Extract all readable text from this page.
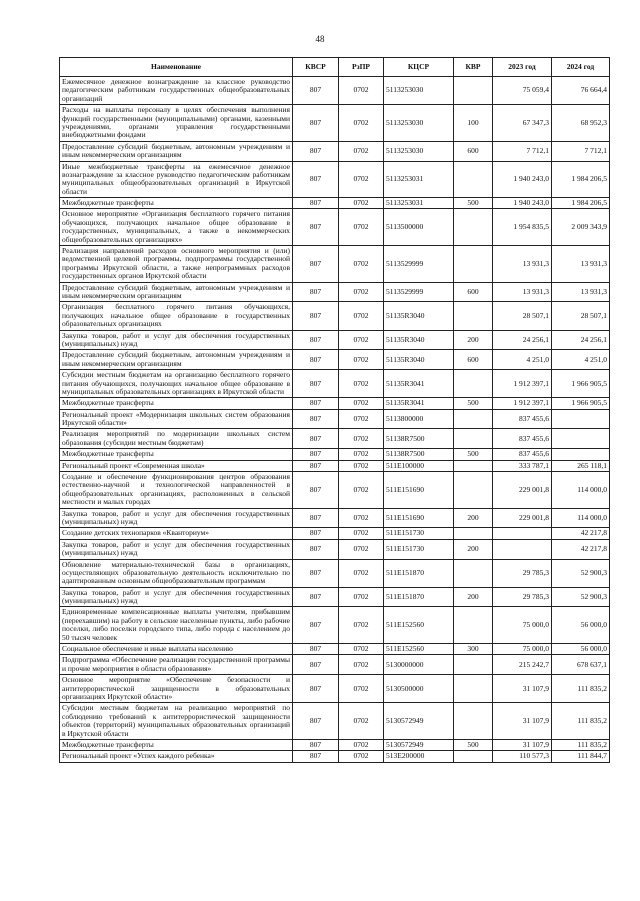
48
Наименование	КВСР	РзПР	КЦСР	КВР	2023 год	2024 год
Ежемесячное денежное вознаграждение за классное руководство педагогическим работникам государственных общеобразовательных организаций	807	0702	5113253030		75 059,4	76 664,4
Расходы на выплаты персоналу в целях обеспечения выполнения функций государственными (муниципальными) органами, казенными учреждениями, органами управления государственными внебюджетными фондами	807	0702	5113253030	100	67 347,3	68 952,3
Предоставление субсидий бюджетным, автономным учреждениям и иным некоммерческим организациям	807	0702	5113253030	600	7 712,1	7 712,1
Иные межбюджетные трансферты на ежемесячное денежное вознаграждение за классное руководство педагогическим работникам муниципальных общеобразовательных организаций в Иркутской области	807	0702	5113253031		1 940 243,0	1 984 206,5
Межбюджетные трансферты	807	0702	5113253031	500	1 940 243,0	1 984 206,5
Основное мероприятие «Организация бесплатного горячего питания обучающихся, получающих начальное общее образование в государственных, муниципальных, а также в некоммерческих общеобразовательных организациях»	807	0702	5113500000		1 954 835,5	2 009 343,9
Реализация направлений расходов основного мероприятия и (или) ведомственной целевой программы, подпрограммы государственной программы Иркутской области, а также непрограммных расходов государственных органов Иркутской области	807	0702	5113529999		13 931,3	13 931,3
Предоставление субсидий бюджетным, автономным учреждениям и иным некоммерческим организациям	807	0702	5113529999	600	13 931,3	13 931,3
Организация бесплатного горячего питания обучающихся, получающих начальное общее образование в государственных образовательных организациях	807	0702	51135R3040		28 507,1	28 507,1
Закупка товаров, работ и услуг для обеспечения государственных (муниципальных) нужд	807	0702	51135R3040	200	24 256,1	24 256,1
Предоставление субсидий бюджетным, автономным учреждениям и иным некоммерческим организациям	807	0702	51135R3040	600	4 251,0	4 251,0
Субсидии местным бюджетам на организацию бесплатного горячего питания обучающихся, получающих начальное общее образование в муниципальных образовательных организациях в Иркутской области	807	0702	51135R3041		1 912 397,1	1 966 905,5
Межбюджетные трансферты	807	0702	51135R3041	500	1 912 397,1	1 966 905,5
Региональный проект «Модернизация школьных систем образования Иркутской области»	807	0702	5113800000		837 455,6	
Реализация мероприятий по модернизации школьных систем образования (субсидии местным бюджетам)	807	0702	51138R7500		837 455,6	
Межбюджетные трансферты	807	0702	51138R7500	500	837 455,6	
Региональный проект «Современная школа»	807	0702	511E100000		333 787,1	265 118,1
Создание и обеспечение функционирования центров образования естественно-научной и технологической направленностей в общеобразовательных организациях, расположенных в сельской местности и малых городах	807	0702	511E151690		229 001,8	114 000,0
Закупка товаров, работ и услуг для обеспечения государственных (муниципальных) нужд	807	0702	511E151690	200	229 001,8	114 000,0
Создание детских технопарков «Кванториум»	807	0702	511E151730			42 217,8
Закупка товаров, работ и услуг для обеспечения государственных (муниципальных) нужд	807	0702	511E151730	200		42 217,8
Обновление материально-технической базы в организациях, осуществляющих образовательную деятельность исключительно по адаптированным основным общеобразовательным программам	807	0702	511E151870		29 785,3	52 900,3
Закупка товаров, работ и услуг для обеспечения государственных (муниципальных) нужд	807	0702	511E151870	200	29 785,3	52 900,3
Единовременные компенсационные выплаты учителям, прибывшим (переехавшим) на работу в сельские населенные пункты, либо рабочие поселки, либо поселки городского типа, либо города с населением до 50 тысяч человек	807	0702	511E152560		75 000,0	56 000,0
Социальное обеспечение и иные выплаты населению	807	0702	511E152560	300	75 000,0	56 000,0
Подпрограмма «Обеспечение реализации государственной программы и прочие мероприятия в области образования»	807	0702	5130000000		215 242,7	678 637,1
Основное мероприятие «Обеспечение безопасности и антитеррористической защищенности в образовательных организациях Иркутской области»	807	0702	5130500000		31 107,9	111 835,2
Субсидии местным бюджетам на реализацию мероприятий по соблюдению требований к антитеррористической защищенности объектов (территорий) муниципальных образовательных организаций в Иркутской области	807	0702	5130572949		31 107,9	111 835,2
Межбюджетные трансферты	807	0702	5130572949	500	31 107,9	111 835,2
Региональный проект «Успех каждого ребенка»	807	0702	513E200000		110 577,3	111 844,7
